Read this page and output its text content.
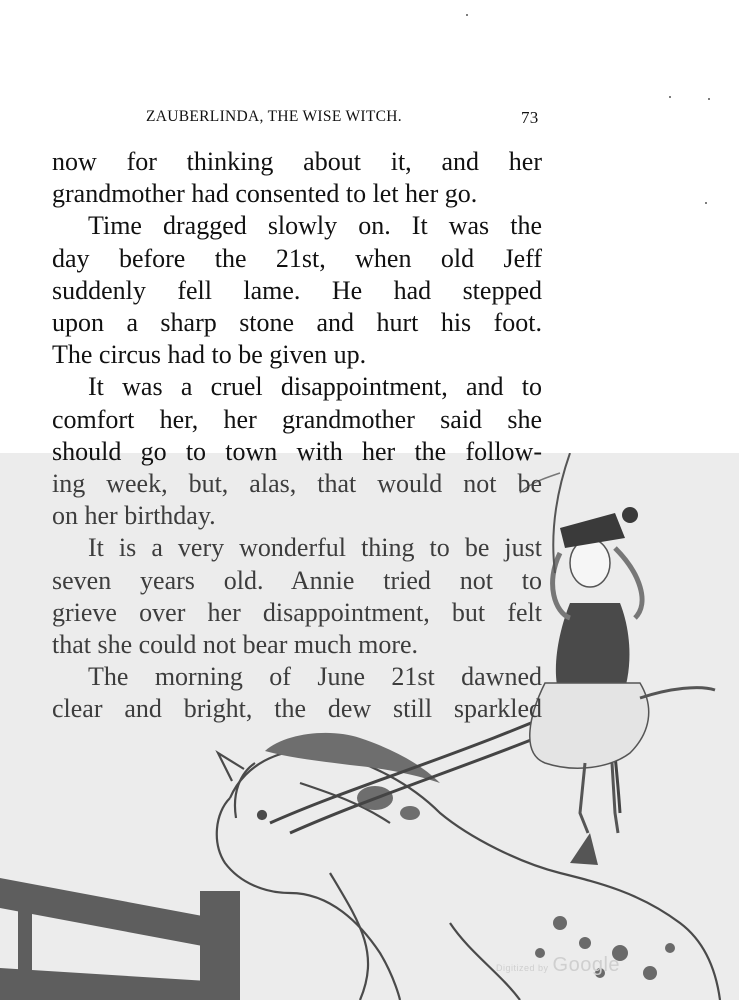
ZAUBERLINDA, THE WISE WITCH.	73
now for thinking about it, and her
grandmother had consented to let her go.
Time dragged slowly on. It was the
day before the 21st, when old Jeff
suddenly fell lame. He had stepped
upon a sharp stone and hurt his foot.
The circus had to be given up.
It was a cruel disappointment, and to
comfort her, her grandmother said she
should go to town with her the follow-
ing week, but, alas, that would not be
on her birthday.
It is a very wonderful thing to be just
seven years old. Annie tried not to
grieve over her disappointment, but felt
that she could not bear much more.
The morning of June 21st dawned
clear and bright, the dew still sparkled
Digitized by Google
